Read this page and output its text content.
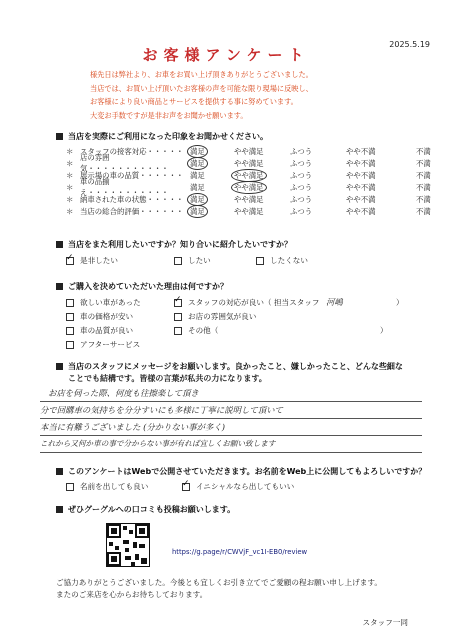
お客様アンケート
2025.5.19
様先日は弊社より、お車をお買い上げ頂きありがとうございました。
当店では、お買い上げ頂いたお客様の声を可能な限り現場に反映し、
お客様により良い商品とサービスを提供する事に努めています。
大変お手数ですが是非お声をお聞かせ願います。
当店を実際にご利用になった印象をお聞かせください。
＊ スタッフの接客対応・・・・・ 満足	やや満足	ふつう	やや不満	不満
＊
店の雰囲気・・・・・・・・・・・
満足	やや満足	ふつう	やや不満	不満
＊ 展示場の車の品質・・・・・・ 満足	やや満足	ふつう	やや不満	不満
＊
車の品揃え・・・・・・・・・・・
満足	やや満足	ふつう	やや不満	不満
＊ 納車された車の状態・・・・・ 満足	やや満足	ふつう	やや不満	不満
＊ 当店の総合的評価・・・・・・ 満足	やや満足	ふつう	やや不満	不満
当店をまた利用したいですか？知り合いに紹介したいですか？
✓
是非したい	したい	したくない
ご購入を決めていただいた理由は何ですか？
欲しい車があった
車の価格が安い
車の品質が良い
アフターサービス
✓
スタッフの対応が良い（ 担当スタッフ 河嶋	）
お店の雰囲気が良い
その他（	）
当店のスタッフにメッセージをお願いします。良かったこと、嫌しかったこと、どんな些細な
ことでも結構です。皆様の言葉が私共の力になります。
お店を伺った際、何度も往擦楽して頂き
分で回購車の気持ちを分分すいにも多様に丁寧に説明して頂いて
本当に有難うございました (分かりない事が多く)
これから又何か車の事で分からない事が有れば宜しくお願い致します
このアンケートはWebで公開させていただきます。お名前をWeb上に公開してもよろしいですか？
名前を出しても良い
✓	イニシャルなら出してもいい
ぜひグーグルへの口コミも投稿お願いします。
https://g.page/r/CWVjF_vc1I-EB0/review
ご協力ありがとうございました。今後とも宜しくお引き立てでご愛顧の程お願い申し上げます。
またのご来店を心からお待ちしております。
スタッフ一同
